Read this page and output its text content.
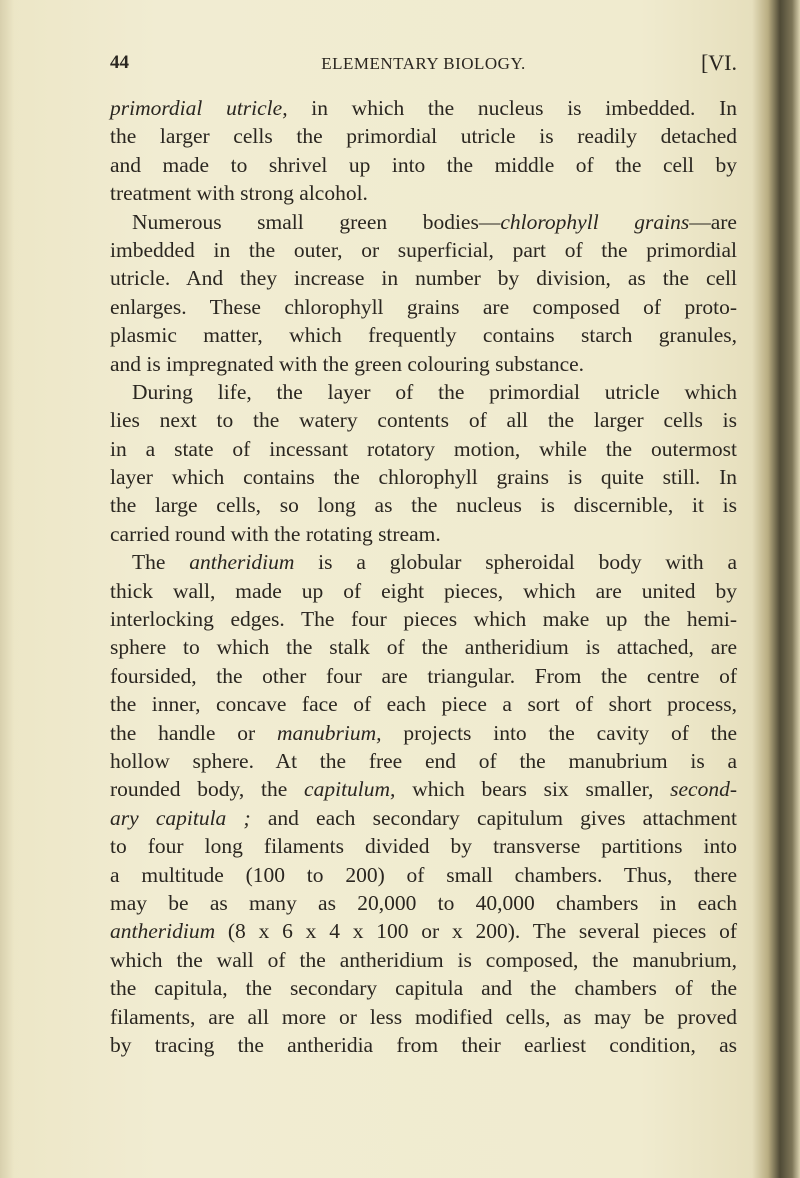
44	ELEMENTARY BIOLOGY.	[VI.
primordial utricle, in which the nucleus is imbedded. In
the larger cells the primordial utricle is readily detached
and made to shrivel up into the middle of the cell by
treatment with strong alcohol.
Numerous small green bodies—chlorophyll grains—are
imbedded in the outer, or superficial, part of the primordial
utricle. And they increase in number by division, as the cell
enlarges. These chlorophyll grains are composed of proto-
plasmic matter, which frequently contains starch granules,
and is impregnated with the green colouring substance.
During life, the layer of the primordial utricle which
lies next to the watery contents of all the larger cells is
in a state of incessant rotatory motion, while the outermost
layer which contains the chlorophyll grains is quite still. In
the large cells, so long as the nucleus is discernible, it is
carried round with the rotating stream.
The antheridium is a globular spheroidal body with a
thick wall, made up of eight pieces, which are united by
interlocking edges. The four pieces which make up the hemi-
sphere to which the stalk of the antheridium is attached, are
foursided, the other four are triangular. From the centre of
the inner, concave face of each piece a sort of short process,
the handle or manubrium, projects into the cavity of the
hollow sphere. At the free end of the manubrium is a
rounded body, the capitulum, which bears six smaller, second-
ary capitula ; and each secondary capitulum gives attachment
to four long filaments divided by transverse partitions into
a multitude (100 to 200) of small chambers. Thus, there
may be as many as 20,000 to 40,000 chambers in each
antheridium (8 x 6 x 4 x 100 or x 200). The several pieces of
which the wall of the antheridium is composed, the manubrium,
the capitula, the secondary capitula and the chambers of the
filaments, are all more or less modified cells, as may be proved
by tracing the antheridia from their earliest condition, as
